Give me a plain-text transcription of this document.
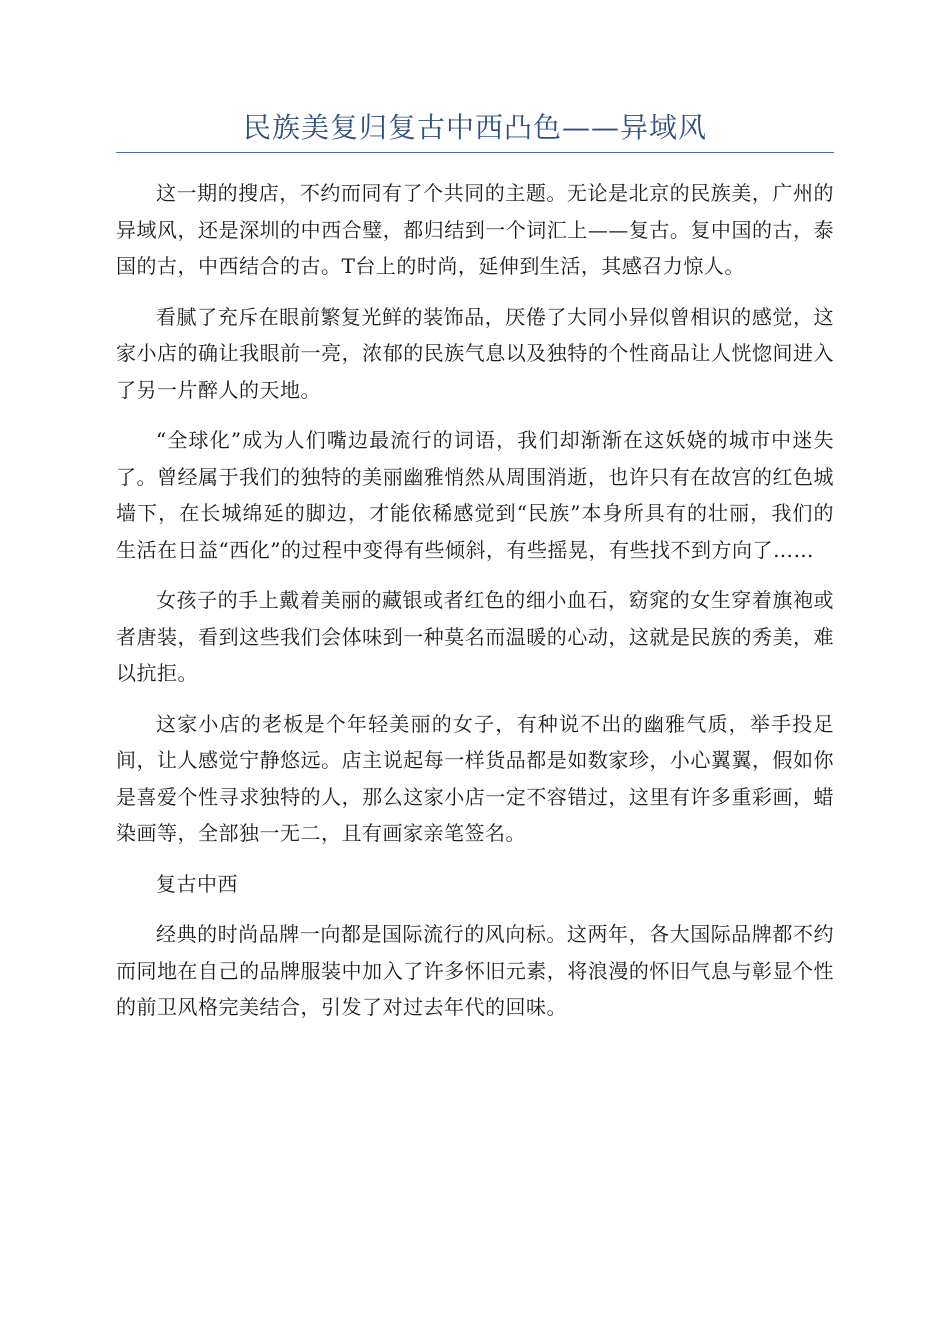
民族美复归复古中西凸色——异域风

这一期的搜店，不约而同有了个共同的主题。无论是北京的民族美，广州的异域风，还是深圳的中西合璧，都归结到一个词汇上——复古。复中国的古，泰国的古，中西结合的古。T台上的时尚，延伸到生活，其感召力惊人。

看腻了充斥在眼前繁复光鲜的装饰品，厌倦了大同小异似曾相识的感觉，这家小店的确让我眼前一亮，浓郁的民族气息以及独特的个性商品让人恍惚间进入了另一片醉人的天地。

“全球化”成为人们嘴边最流行的词语，我们却渐渐在这妖娆的城市中迷失了。曾经属于我们的独特的美丽幽雅悄然从周围消逝，也许只有在故宫的红色城墙下，在长城绵延的脚边，才能依稀感觉到“民族”本身所具有的壮丽，我们的生活在日益“西化”的过程中变得有些倾斜，有些摇晃，有些找不到方向了……

女孩子的手上戴着美丽的藏银或者红色的细小血石，窈窕的女生穿着旗袍或者唐装，看到这些我们会体味到一种莫名而温暖的心动，这就是民族的秀美，难以抗拒。

这家小店的老板是个年轻美丽的女子，有种说不出的幽雅气质，举手投足间，让人感觉宁静悠远。店主说起每一样货品都是如数家珍，小心翼翼，假如你是喜爱个性寻求独特的人，那么这家小店一定不容错过，这里有许多重彩画，蜡染画等，全部独一无二，且有画家亲笔签名。

复古中西

经典的时尚品牌一向都是国际流行的风向标。这两年，各大国际品牌都不约而同地在自己的品牌服装中加入了许多怀旧元素，将浪漫的怀旧气息与彰显个性的前卫风格完美结合，引发了对过去年代的回味。
